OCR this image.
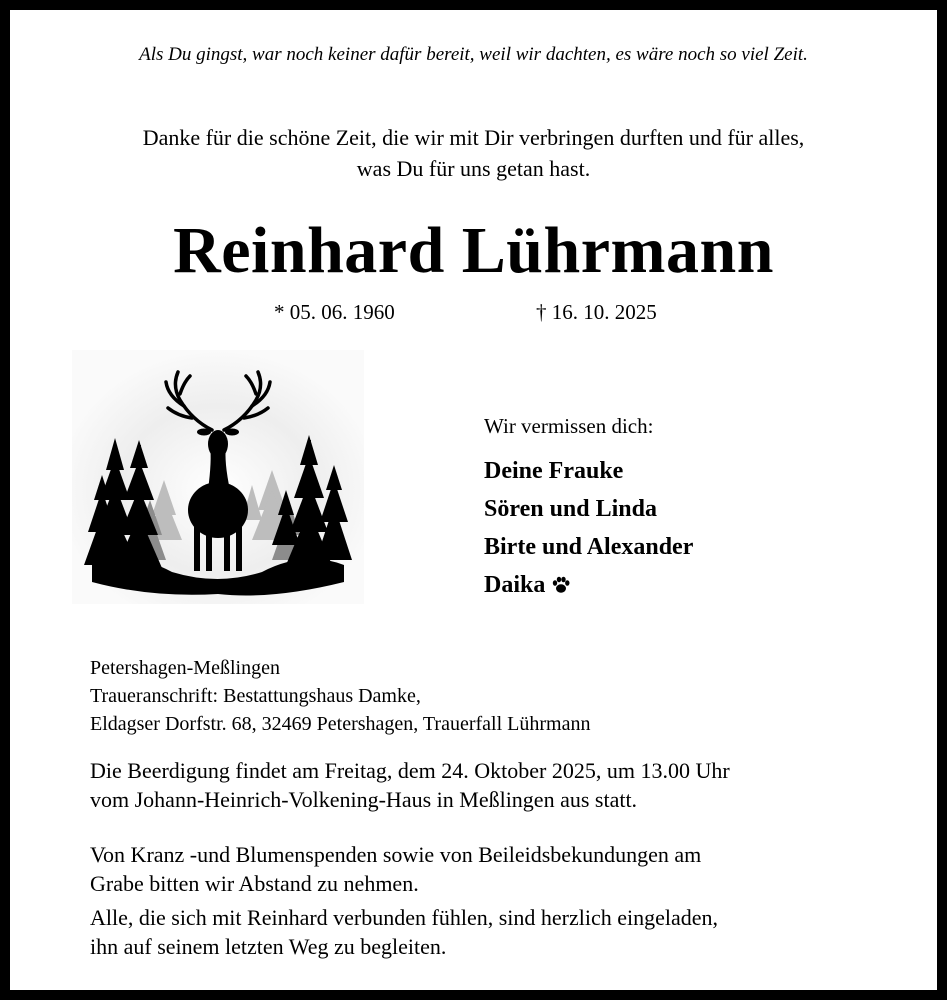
Als Du gingst, war noch keiner dafür bereit, weil wir dachten, es wäre noch so viel Zeit.
Danke für die schöne Zeit, die wir mit Dir verbringen durften und für alles,
was Du für uns getan hast.
Reinhard Lührmann
* 05. 06. 1960	† 16. 10. 2025
Wir vermissen dich:
Deine Frauke
Sören und Linda
Birte und Alexander
Daika
Petershagen-Meßlingen
Traueranschrift: Bestattungshaus Damke,
Eldagser Dorfstr. 68, 32469 Petershagen, Trauerfall Lührmann
Die Beerdigung findet am Freitag, dem 24. Oktober 2025, um 13.00 Uhr
vom Johann-Heinrich-Volkening-Haus in Meßlingen aus statt.
Von Kranz -und Blumenspenden sowie von Beileidsbekundungen am
Grabe bitten wir Abstand zu nehmen.
Alle, die sich mit Reinhard verbunden fühlen, sind herzlich eingeladen,
ihn auf seinem letzten Weg zu begleiten.
